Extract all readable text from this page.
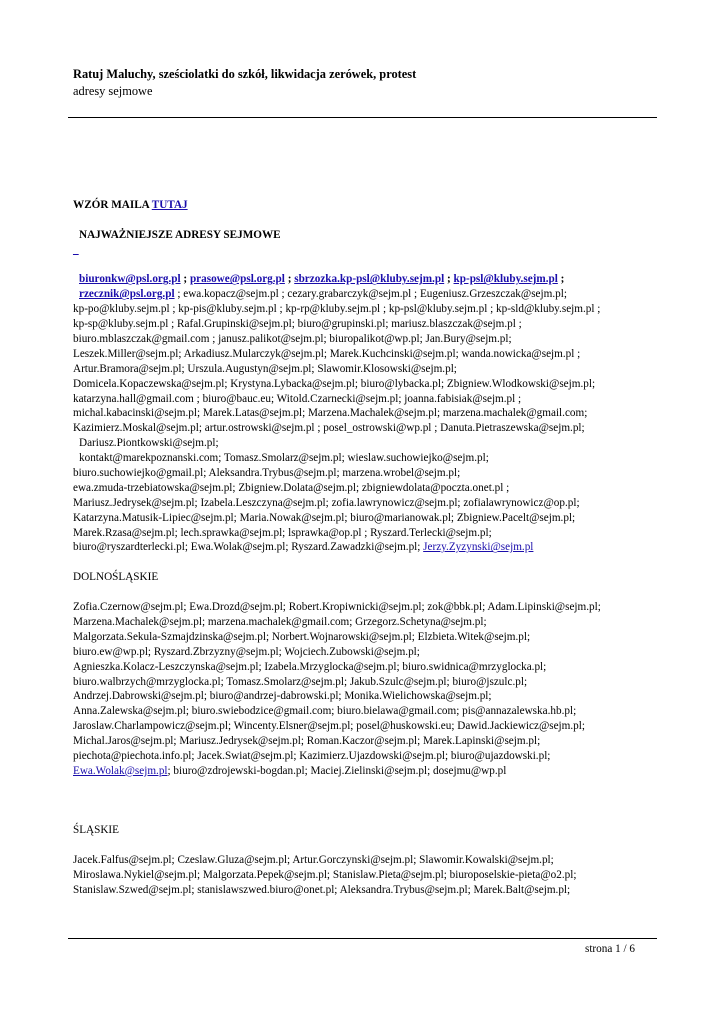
Ratuj Maluchy, sześciolatki do szkół, likwidacja zerówek, protest
adresy sejmowe
WZÓR MAILA TUTAJ
NAJWAŻNIEJSZE ADRESY SEJMOWE
_
biuronkw@psl.org.pl ; prasowe@psl.org.pl ; sbrzozka.kp-psl@kluby.sejm.pl ; kp-psl@kluby.sejm.pl ;
rzecznik@psl.org.pl ; ewa.kopacz@sejm.pl ; cezary.grabarczyk@sejm.pl ; Eugeniusz.Grzeszczak@sejm.pl;
kp-po@kluby.sejm.pl ; kp-pis@kluby.sejm.pl ; kp-rp@kluby.sejm.pl ; kp-psl@kluby.sejm.pl ; kp-sld@kluby.sejm.pl ;
kp-sp@kluby.sejm.pl ; Rafal.Grupinski@sejm.pl; biuro@grupinski.pl; mariusz.blaszczak@sejm.pl ;
biuro.mblaszczak@gmail.com ; janusz.palikot@sejm.pl; biuropalikot@wp.pl; Jan.Bury@sejm.pl;
Leszek.Miller@sejm.pl; Arkadiusz.Mularczyk@sejm.pl; Marek.Kuchcinski@sejm.pl; wanda.nowicka@sejm.pl ;
Artur.Bramora@sejm.pl; Urszula.Augustyn@sejm.pl; Slawomir.Klosowski@sejm.pl;
Domicela.Kopaczewska@sejm.pl; Krystyna.Lybacka@sejm.pl; biuro@lybacka.pl; Zbigniew.Wlodkowski@sejm.pl;
katarzyna.hall@gmail.com ; biuro@bauc.eu; Witold.Czarnecki@sejm.pl; joanna.fabisiak@sejm.pl ;
michal.kabacinski@sejm.pl; Marek.Latas@sejm.pl; Marzena.Machalek@sejm.pl; marzena.machalek@gmail.com;
Kazimierz.Moskal@sejm.pl; artur.ostrowski@sejm.pl ; posel_ostrowski@wp.pl ; Danuta.Pietraszewska@sejm.pl;
Dariusz.Piontkowski@sejm.pl;
kontakt@marekpoznanski.com; Tomasz.Smolarz@sejm.pl; wieslaw.suchowiejko@sejm.pl;
biuro.suchowiejko@gmail.pl; Aleksandra.Trybus@sejm.pl; marzena.wrobel@sejm.pl;
ewa.zmuda-trzebiatowska@sejm.pl; Zbigniew.Dolata@sejm.pl; zbigniewdolata@poczta.onet.pl ;
Mariusz.Jedrysek@sejm.pl; Izabela.Leszczyna@sejm.pl; zofia.lawrynowicz@sejm.pl; zofialawrynowicz@op.pl;
Katarzyna.Matusik-Lipiec@sejm.pl; Maria.Nowak@sejm.pl; biuro@marianowak.pl; Zbigniew.Pacelt@sejm.pl;
Marek.Rzasa@sejm.pl; lech.sprawka@sejm.pl; lsprawka@op.pl ; Ryszard.Terlecki@sejm.pl;
biuro@ryszardterlecki.pl; Ewa.Wolak@sejm.pl; Ryszard.Zawadzki@sejm.pl; Jerzy.Zyzynski@sejm.pl
DOLNOŚLĄSKIE
Zofia.Czernow@sejm.pl; Ewa.Drozd@sejm.pl; Robert.Kropiwnicki@sejm.pl; zok@bbk.pl; Adam.Lipinski@sejm.pl;
Marzena.Machalek@sejm.pl; marzena.machalek@gmail.com; Grzegorz.Schetyna@sejm.pl;
Malgorzata.Sekula-Szmajdzinska@sejm.pl; Norbert.Wojnarowski@sejm.pl; Elzbieta.Witek@sejm.pl;
biuro.ew@wp.pl; Ryszard.Zbrzyzny@sejm.pl; Wojciech.Zubowski@sejm.pl;
Agnieszka.Kolacz-Leszczynska@sejm.pl; Izabela.Mrzyglocka@sejm.pl; biuro.swidnica@mrzyglocka.pl;
biuro.walbrzych@mrzyglocka.pl; Tomasz.Smolarz@sejm.pl; Jakub.Szulc@sejm.pl; biuro@jszulc.pl;
Andrzej.Dabrowski@sejm.pl; biuro@andrzej-dabrowski.pl; Monika.Wielichowska@sejm.pl;
Anna.Zalewska@sejm.pl; biuro.swiebodzice@gmail.com; biuro.bielawa@gmail.com; pis@annazalewska.hb.pl;
Jaroslaw.Charlampowicz@sejm.pl; Wincenty.Elsner@sejm.pl; posel@huskowski.eu; Dawid.Jackiewicz@sejm.pl;
Michal.Jaros@sejm.pl; Mariusz.Jedrysek@sejm.pl; Roman.Kaczor@sejm.pl; Marek.Lapinski@sejm.pl;
piechota@piechota.info.pl; Jacek.Swiat@sejm.pl; Kazimierz.Ujazdowski@sejm.pl; biuro@ujazdowski.pl;
Ewa.Wolak@sejm.pl; biuro@zdrojewski-bogdan.pl; Maciej.Zielinski@sejm.pl; dosejmu@wp.pl
ŚLĄSKIE
Jacek.Falfus@sejm.pl; Czeslaw.Gluza@sejm.pl; Artur.Gorczynski@sejm.pl; Slawomir.Kowalski@sejm.pl;
Miroslawa.Nykiel@sejm.pl; Malgorzata.Pepek@sejm.pl; Stanislaw.Pieta@sejm.pl; biuroposelskie-pieta@o2.pl;
Stanislaw.Szwed@sejm.pl; stanislawszwed.biuro@onet.pl; Aleksandra.Trybus@sejm.pl; Marek.Balt@sejm.pl;
strona 1 / 6
